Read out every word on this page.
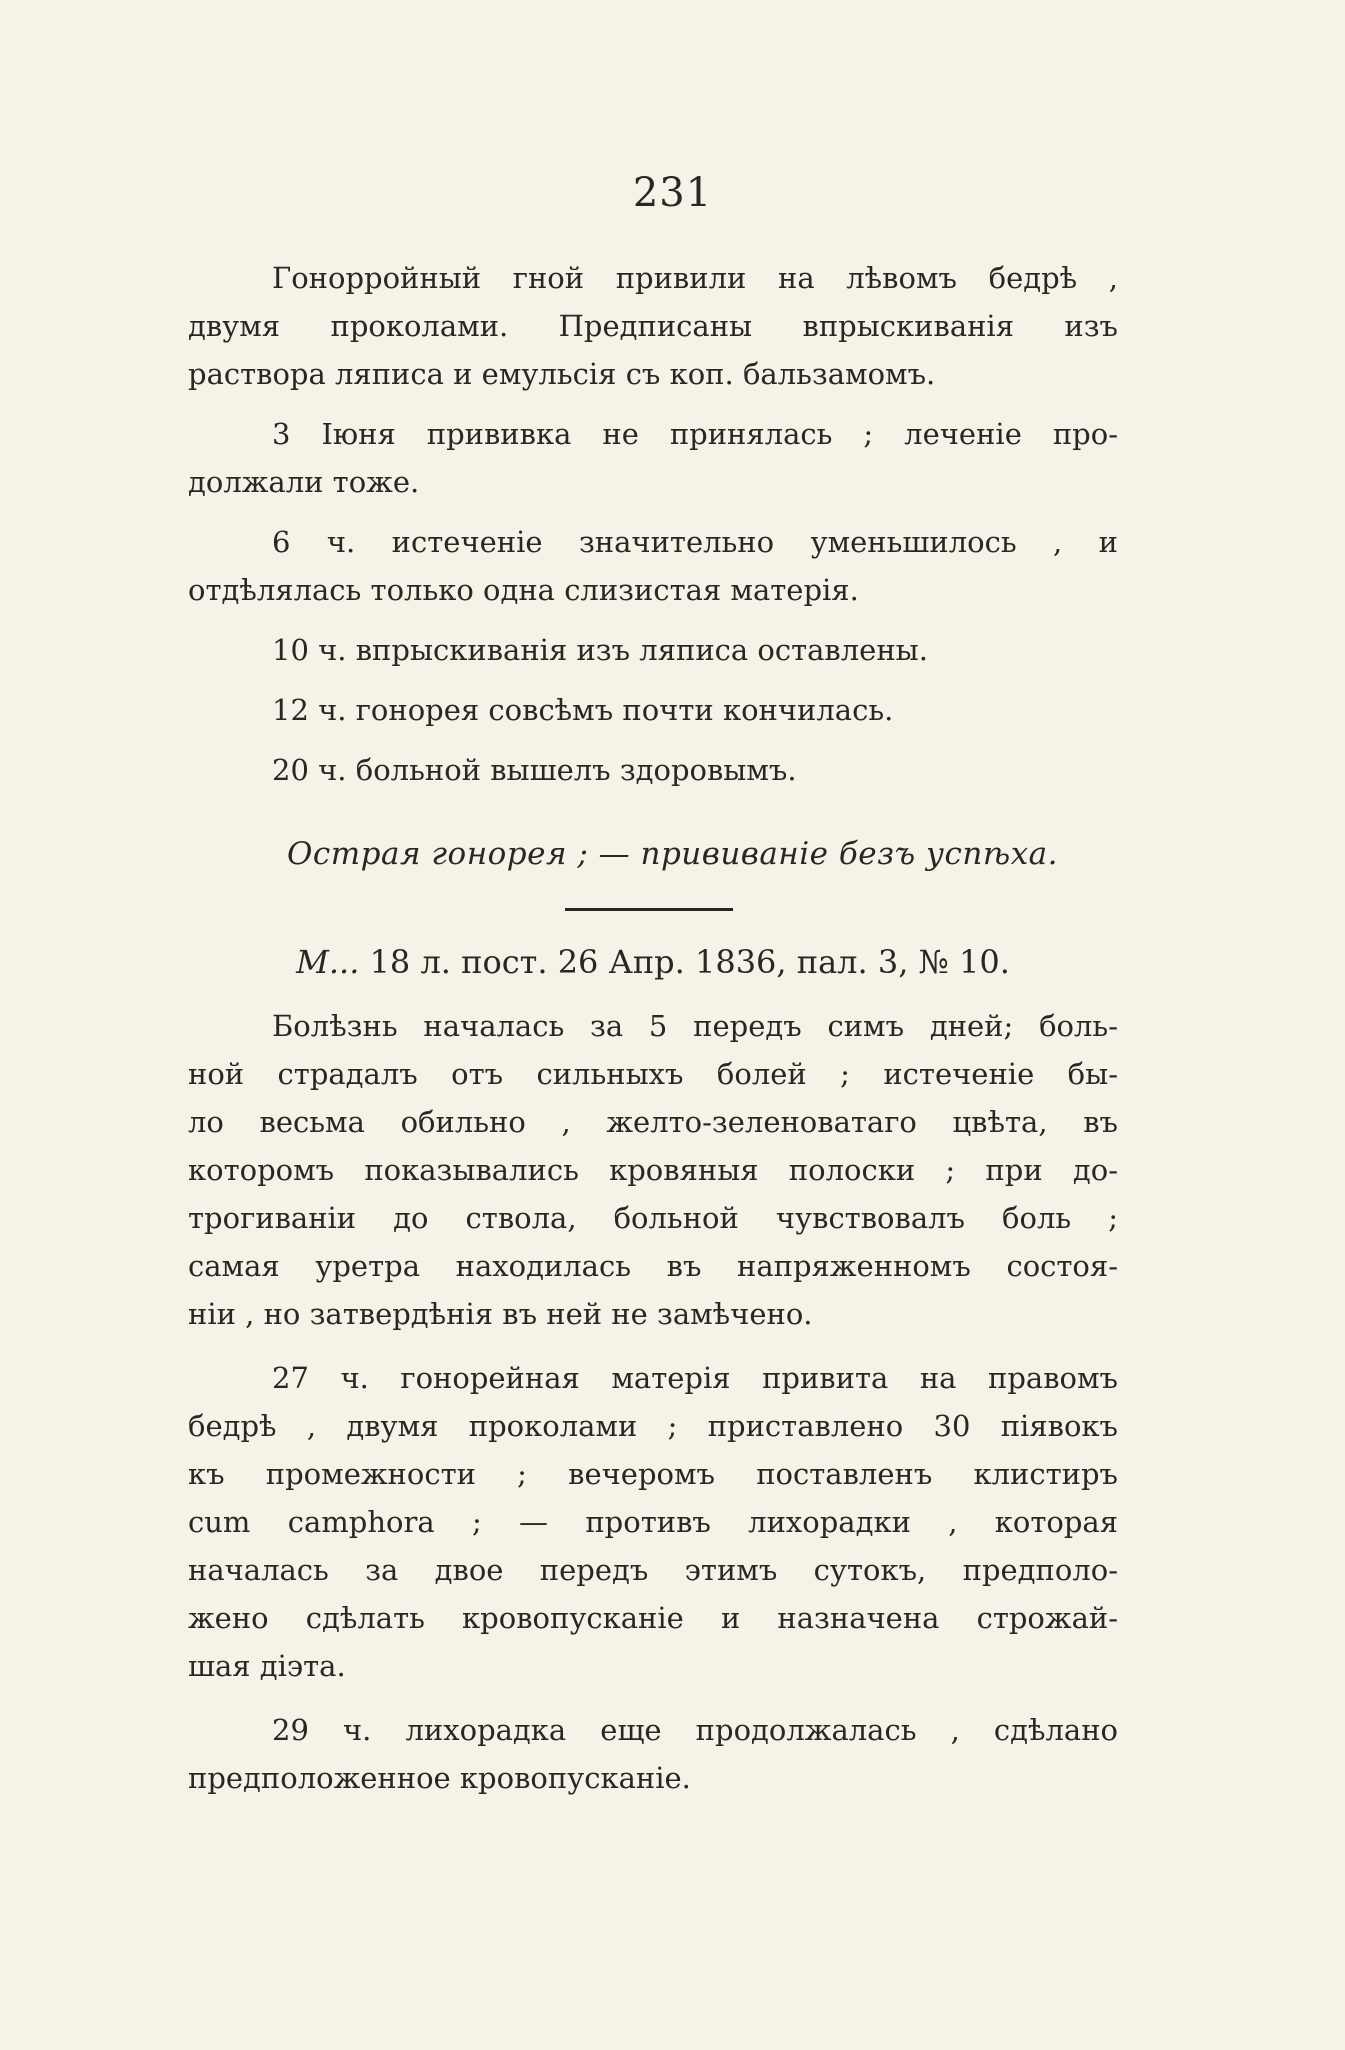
231
Гонорройный гной привили на лѣвомъ бедрѣ ,
двумя проколами. Предписаны впрыскиванія изъ
раствора ляписа и емульсія съ коп. бальзамомъ.
3 Іюня прививка не принялась ; леченіе про-
должали тоже.
6 ч. истеченіе значительно уменьшилось , и
отдѣлялась только одна слизистая матерія.
10 ч. впрыскиванія изъ ляписа оставлены.
12 ч. гонорея совсѣмъ почти кончилась.
20 ч. больной вышелъ здоровымъ.
Острая гонорея ; — прививаніе безъ успѣха.
М... 18 л. пост. 26 Апр. 1836, пал. 3, № 10.
Болѣзнь началась за 5 передъ симъ дней; боль-
ной страдалъ отъ сильныхъ болей ; истеченіе бы-
ло весьма обильно , желто-зеленоватаго цвѣта, въ
которомъ показывались кровяныя полоски ; при до-
трогиваніи до ствола, больной чувствовалъ боль ;
самая уретра находилась въ напряженномъ состоя-
ніи , но затвердѣнія въ ней не замѣчено.
27 ч. гонорейная матерія привита на правомъ
бедрѣ , двумя проколами ; приставлено 30 піявокъ
къ промежности ; вечеромъ поставленъ клистиръ
cum camphora ; — противъ лихорадки , которая
началась за двое передъ этимъ сутокъ, предполо-
жено сдѣлать кровопусканіе и назначена строжай-
шая діэта.
29 ч. лихорадка еще продолжалась , сдѣлано
предположенное кровопусканіе.
